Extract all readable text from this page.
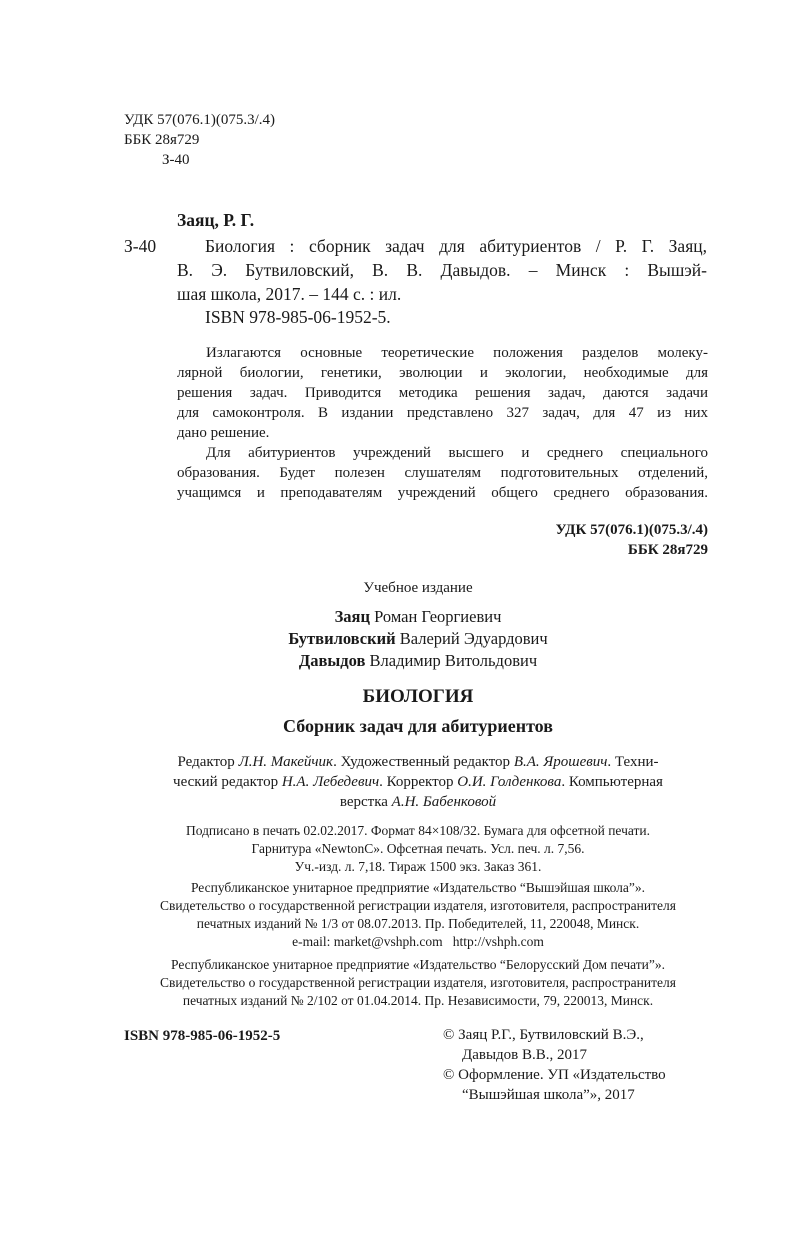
УДК 57(076.1)(075.3/.4)
ББК 28я729
З-40
Заяц, Р. Г.
З-40	Биология : сборник задач для абитуриентов / Р. Г. Заяц,
В. Э. Бутвиловский, В. В. Давыдов. – Минск : Вышэй-
шая школа, 2017. – 144 с. : ил.
ISBN 978-985-06-1952-5.
Излагаются основные теоретические положения разделов молеку-
лярной биологии, генетики, эволюции и экологии, необходимые для
решения задач. Приводится методика решения задач, даются задачи
для самоконтроля. В издании представлено 327 задач, для 47 из них
дано решение.
Для абитуриентов учреждений высшего и среднего специального
образования. Будет полезен слушателям подготовительных отделений,
учащимся и преподавателям учреждений общего среднего образования.
УДК 57(076.1)(075.3/.4)
ББК 28я729
Учебное издание
Заяц Роман Георгиевич
Бутвиловский Валерий Эдуардович
Давыдов Владимир Витольдович
БИОЛОГИЯ
Сборник задач для абитуриентов
Редактор Л.Н. Макейчик. Художественный редактор В.А. Ярошевич. Техни-
ческий редактор Н.А. Лебедевич. Корректор О.И. Голденкова. Компьютерная
верстка А.Н. Бабенковой
Подписано в печать 02.02.2017. Формат 84×108/32. Бумага для офсетной печати.
Гарнитура «NewtonC». Офсетная печать. Усл. печ. л. 7,56.
Уч.-изд. л. 7,18. Тираж 1500 экз. Заказ 361.
Республиканское унитарное предприятие «Издательство “Вышэйшая школа”».
Свидетельство о государственной регистрации издателя, изготовителя, распространителя
печатных изданий № 1/3 от 08.07.2013. Пр. Победителей, 11, 220048, Минск.
e-mail: market@vshph.com   http://vshph.com
Республиканское унитарное предприятие «Издательство “Белорусский Дом печати”».
Свидетельство о государственной регистрации издателя, изготовителя, распространителя
печатных изданий № 2/102 от 01.04.2014. Пр. Независимости, 79, 220013, Минск.
ISBN 978-985-06-1952-5	© Заяц Р.Г., Бутвиловский В.Э.,
Давыдов В.В., 2017
© Оформление. УП «Издательство
“Вышэйшая школа”», 2017
